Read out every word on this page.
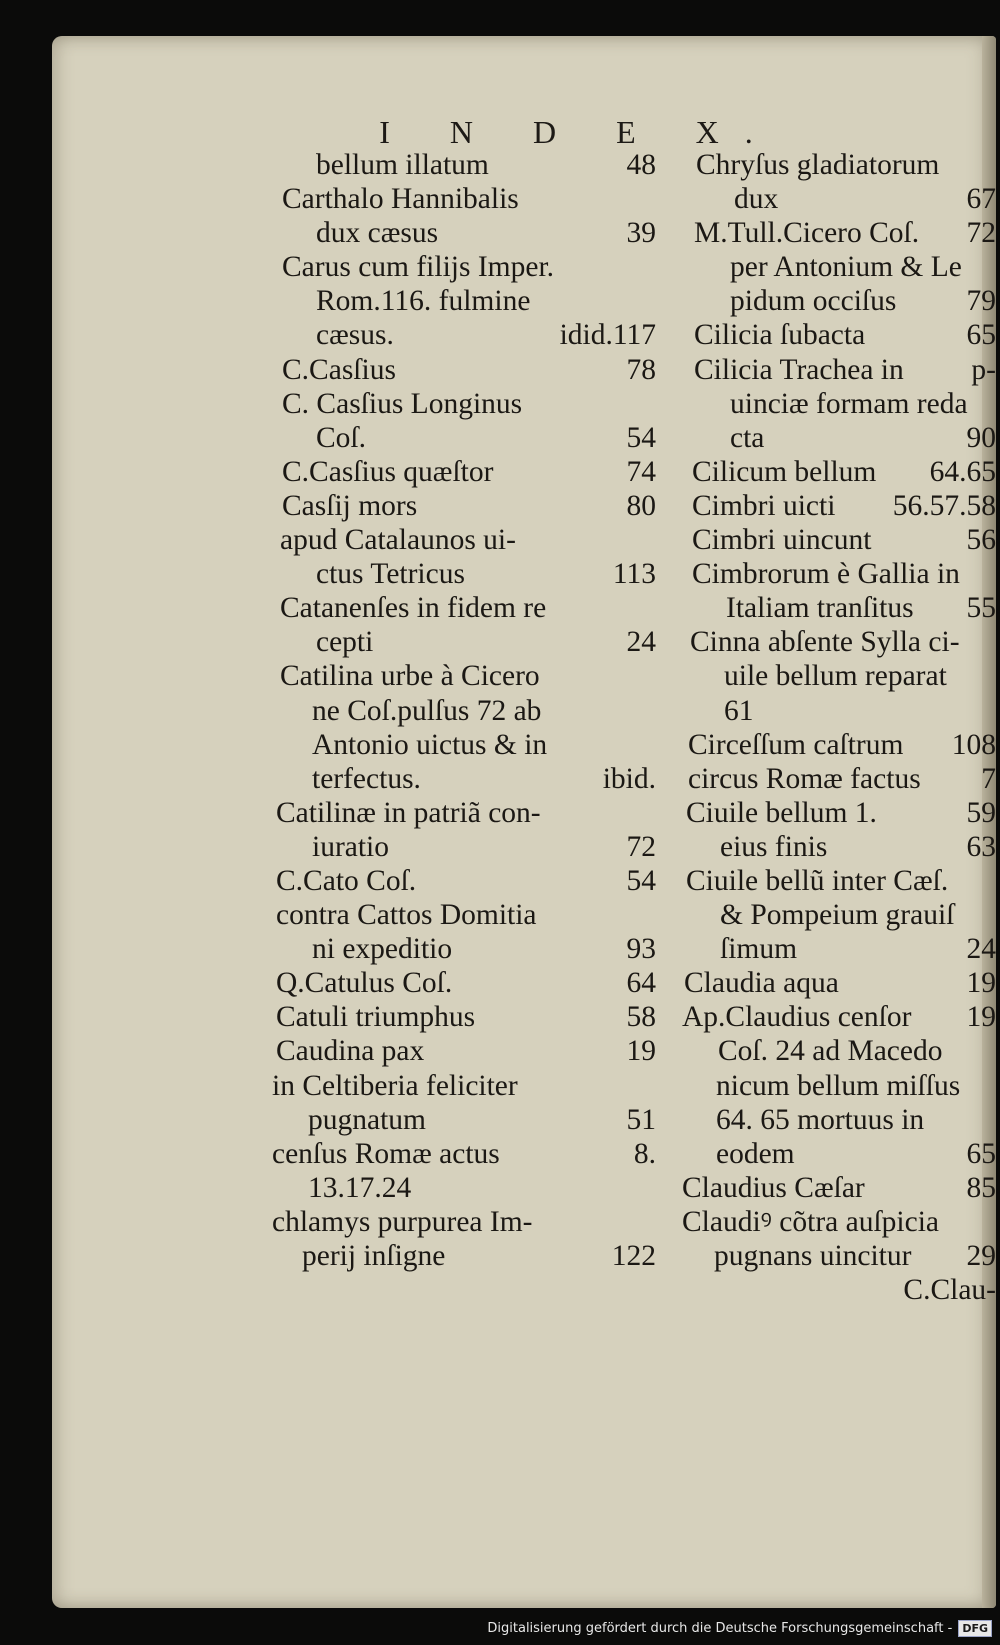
I N D E X.
bellum illatum	48
Carthalo Hannibalis
dux cæsus	39
Carus cum filijs Imper.
Rom.116. fulmine
cæsus.	idid.117
C.Casſius	78
C. Casſius Longinus
Coſ.	54
C.Casſius quæſtor	74
Casſij mors	80
apud Catalaunos ui-
ctus Tetricus	113
Catanenſes in fidem re
cepti	24
Catilina urbe à Cicero
ne Coſ.pulſus 72 ab
Antonio uictus & in
terfectus.	ibid.
Catilinæ in patriã con-
iuratio	72
C.Cato Coſ.	54
contra Cattos Domitia
ni expeditio	93
Q.Catulus Coſ.	64
Catuli triumphus	58
Caudina pax	19
in Celtiberia feliciter
pugnatum	51
cenſus Romæ actus	8.
13.17.24
chlamys purpurea Im-
perij inſigne	122
Chryſus gladiatorum
dux	67
M.Tull.Cicero Coſ. 72
per Antonium & Le
pidum occiſus 79
Cilicia ſubacta	65
Cilicia Trachea in p-
uinciæ formam reda
cta	90
Cilicum bellum 64.65
Cimbri uicti 56.57.58
Cimbri uincunt	56
Cimbrorum è Gallia in
Italiam tranſitus 55
Cinna abſente Sylla ci-
uile bellum reparat
61
Circeſſum caſtrum 108
circus Romæ factus 7
Ciuile bellum 1.	59
eius finis	63
Ciuile bellũ inter Cæſ.
& Pompeium grauiſ
ſimum	24
Claudia aqua	19
Ap.Claudius cenſor 19
Coſ. 24 ad Macedo
nicum bellum miſſus
64. 65 mortuus in
eodem	65
Claudius Cæſar	85
Claudiꝰ cõtra auſpicia
pugnans uincitur 29
C.Clau-
Digitalisierung gefördert durch die Deutsche Forschungsgemeinschaft - DFG
